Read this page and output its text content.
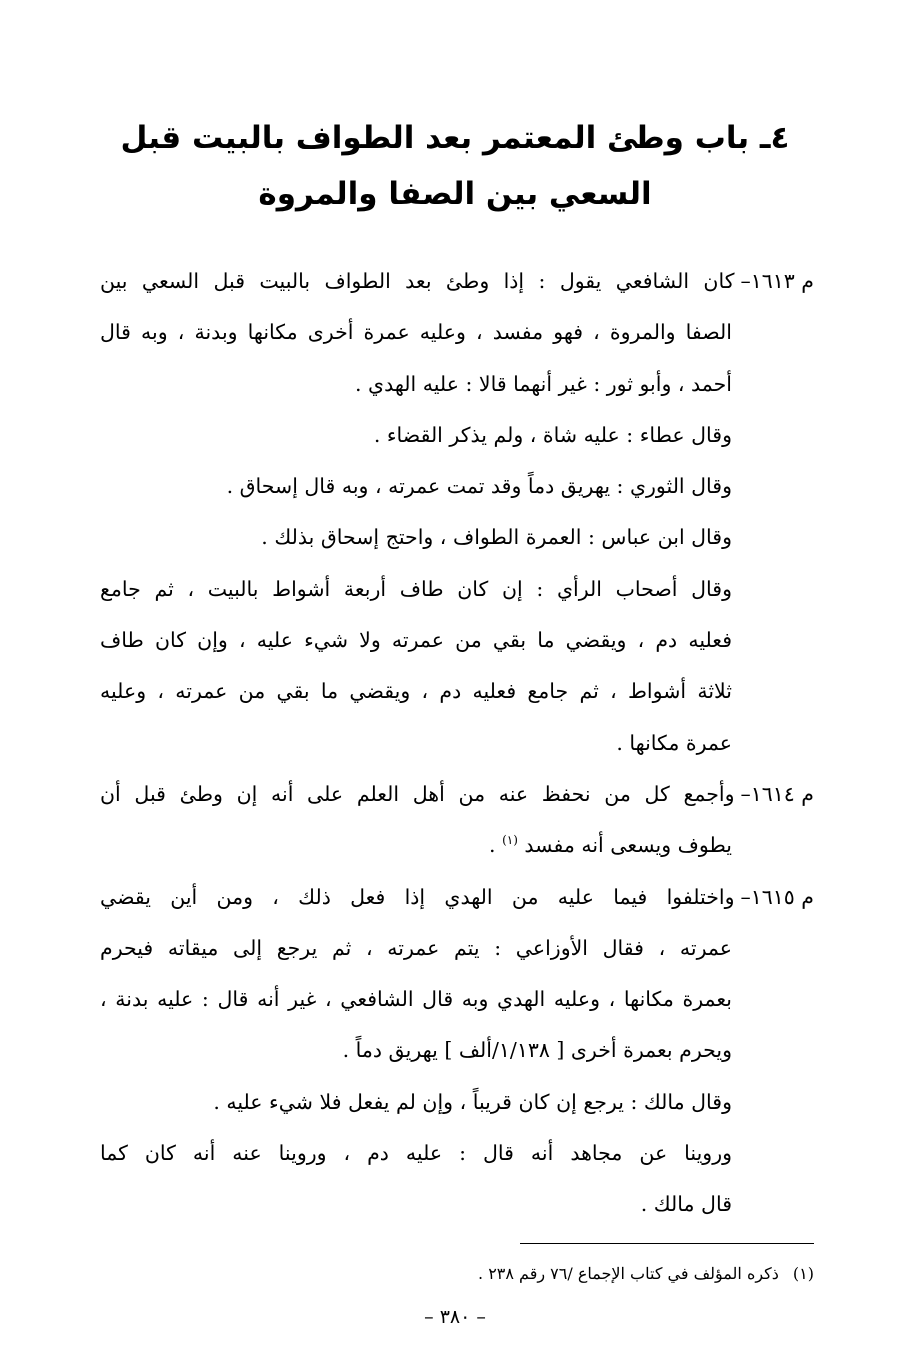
٤ـ باب وطئ المعتمر بعد الطواف بالبيت قبل
السعي بين الصفا والمروة
م ١٦١٣–كان الشافعي يقول : إذا وطئ بعد الطواف بالبيت قبل السعي بين
الصفا والمروة ، فهو مفسد ، وعليه عمرة أخرى مكانها وبدنة ، وبه قال
أحمد ، وأبو ثور : غير أنهما قالا : عليه الهدي .
وقال عطاء : عليه شاة ، ولم يذكر القضاء .
وقال الثوري : يهريق دماً وقد تمت عمرته ، وبه قال إسحاق .
وقال ابن عباس : العمرة الطواف ، واحتج إسحاق بذلك .
وقال أصحاب الرأي : إن كان طاف أربعة أشواط بالبيت ، ثم جامع
فعليه دم ، ويقضي ما بقي من عمرته ولا شيء عليه ، وإن كان طاف
ثلاثة أشواط ، ثم جامع فعليه دم ، ويقضي ما بقي من عمرته ، وعليه
عمرة مكانها .
م ١٦١٤–وأجمع كل من نحفظ عنه من أهل العلم على أنه إن وطئ قبل أن
يطوف ويسعى أنه مفسد $^{(١)}$ .
م ١٦١٥–واختلفوا فيما عليه من الهدي إذا فعل ذلك ، ومن أين يقضي
عمرته ، فقال الأوزاعي : يتم عمرته ، ثم يرجع إلى ميقاته فيحرم
بعمرة مكانها ، وعليه الهدي وبه قال الشافعي ، غير أنه قال : عليه بدنة ،
ويحرم بعمرة أخرى [ ١/١٣٨/ألف ] يهريق دماً .
وقال مالك : يرجع إن كان قريباً ، وإن لم يفعل فلا شيء عليه .
وروينا عن مجاهد أنه قال : عليه دم ، وروينا عنه أنه كان كما
قال مالك .
(١)ذكره المؤلف في كتاب الإجماع /٧٦ رقم ٢٣٨ .
– ٣٨٠ –
